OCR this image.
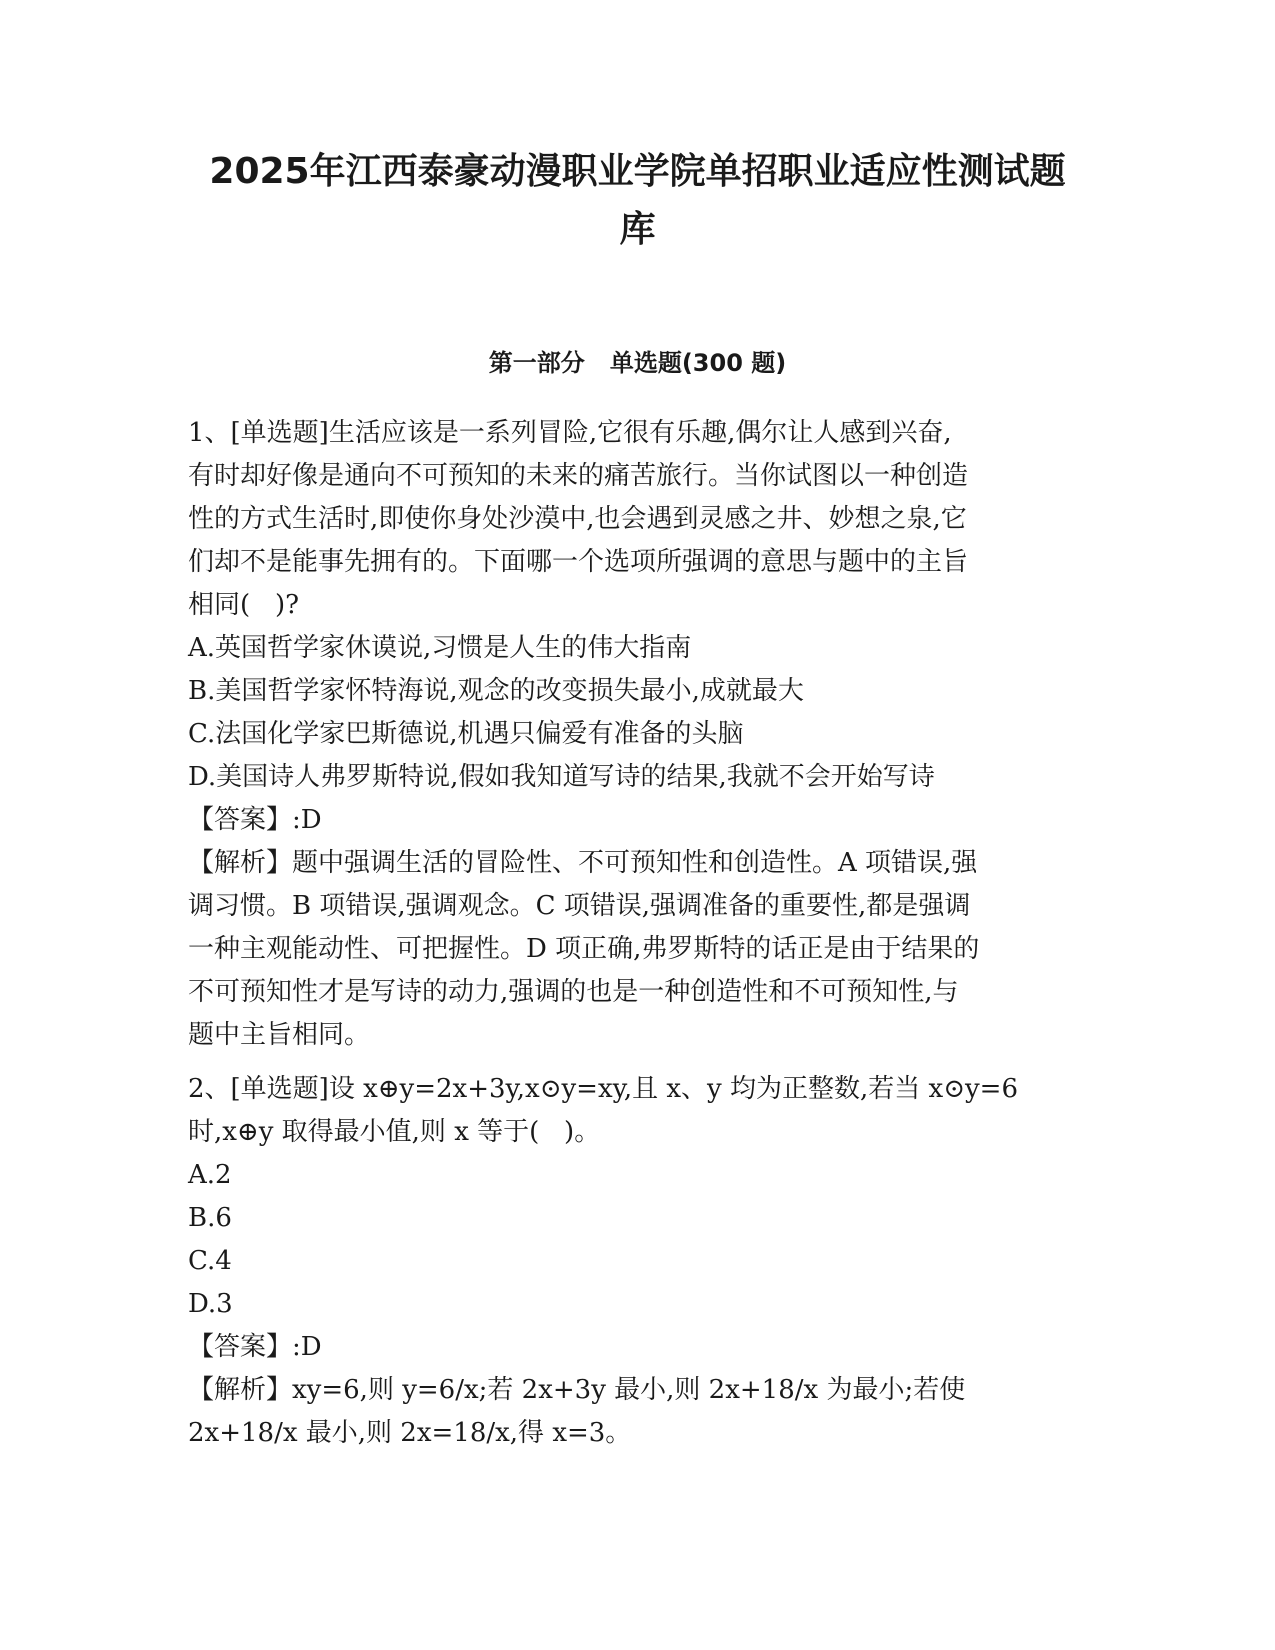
2025年江西泰豪动漫职业学院单招职业适应性测试题
库
第一部分   单选题(300 题)
1、[单选题]生活应该是一系列冒险,它很有乐趣,偶尔让人感到兴奋,
有时却好像是通向不可预知的未来的痛苦旅行。当你试图以一种创造
性的方式生活时,即使你身处沙漠中,也会遇到灵感之井、妙想之泉,它
们却不是能事先拥有的。下面哪一个选项所强调的意思与题中的主旨
相同(   )?
A.英国哲学家休谟说,习惯是人生的伟大指南
B.美国哲学家怀特海说,观念的改变损失最小,成就最大
C.法国化学家巴斯德说,机遇只偏爱有准备的头脑
D.美国诗人弗罗斯特说,假如我知道写诗的结果,我就不会开始写诗
【答案】:D
【解析】题中强调生活的冒险性、不可预知性和创造性。A 项错误,强
调习惯。B 项错误,强调观念。C 项错误,强调准备的重要性,都是强调
一种主观能动性、可把握性。D 项正确,弗罗斯特的话正是由于结果的
不可预知性才是写诗的动力,强调的也是一种创造性和不可预知性,与
题中主旨相同。
2、[单选题]设 x⊕y=2x+3y,x⊙y=xy,且 x、y 均为正整数,若当 x⊙y=6
时,x⊕y 取得最小值,则 x 等于(   )。
A.2
B.6
C.4
D.3
【答案】:D
【解析】xy=6,则 y=6/x;若 2x+3y 最小,则 2x+18/x 为最小;若使
2x+18/x 最小,则 2x=18/x,得 x=3。
